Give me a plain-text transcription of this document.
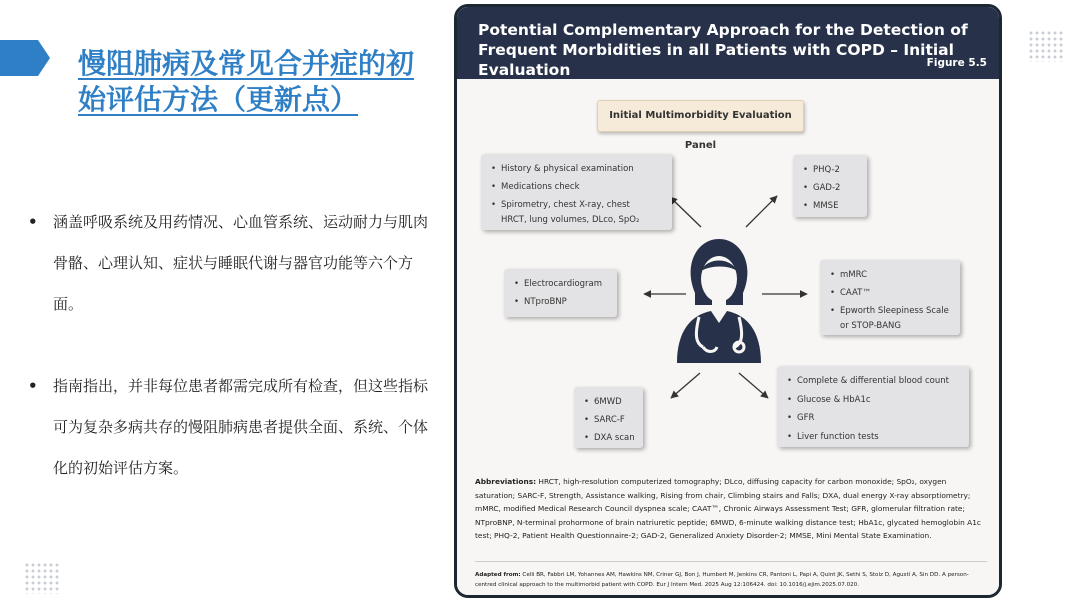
慢阻肺病及常见合并症的初始评估方法（更新点）
•	涵盖呼吸系统及用药情况、心血管系统、运动耐力与肌肉骨骼、心理认知、症状与睡眠代谢与器官功能等六个方面。
•	指南指出，并非每位患者都需完成所有检查，但这些指标可为复杂多病共存的慢阻肺病患者提供全面、系统、个体化的初始评估方案。
Potential Complementary Approach for the Detection of Frequent Morbidities in all Patients with COPD – Initial Evaluation	Figure 5.5
Initial Multimorbidity Evaluation Panel
• History & physical examination
• Medications check
• Spirometry, chest X-ray, chest
HRCT, lung volumes, DLco, SpO₂
• PHQ-2
• GAD-2
• MMSE
• Electrocardiogram
• NTproBNP
• mMRC
• CAAT™
• Epworth Sleepiness Scale
or STOP-BANG
• 6MWD
• SARC-F
• DXA scan
• Complete & differential blood count
• Glucose & HbA1c
• GFR
• Liver function tests
Abbreviations: HRCT, high-resolution computerized tomography; DLco, diffusing capacity for carbon monoxide; SpO₂, oxygen saturation; SARC-F, Strength, Assistance walking, Rising from chair, Climbing stairs and Falls; DXA, dual energy X-ray absorptiometry; mMRC, modified Medical Research Council dyspnea scale; CAAT™, Chronic Airways Assessment Test; GFR, glomerular filtration rate; NTproBNP, N-terminal prohormone of brain natriuretic peptide; 6MWD, 6-minute walking distance test; HbA1c, glycated hemoglobin A1c test; PHQ-2, Patient Health Questionnaire-2; GAD-2, Generalized Anxiety Disorder-2; MMSE, Mini Mental State Examination.
Adapted from: Celli BR, Fabbri LM, Yohannes AM, Hawkins NM, Criner GJ, Bon J, Humbert M, Jenkins CR, Pantoni L, Papi A, Quint JK, Sethi S, Stolz D, Agustí A, Sin DD. A person-centred clinical approach to the multimorbid patient with COPD. Eur J Intern Med. 2025 Aug 12:106424. doi: 10.1016/j.ejim.2025.07.020.
